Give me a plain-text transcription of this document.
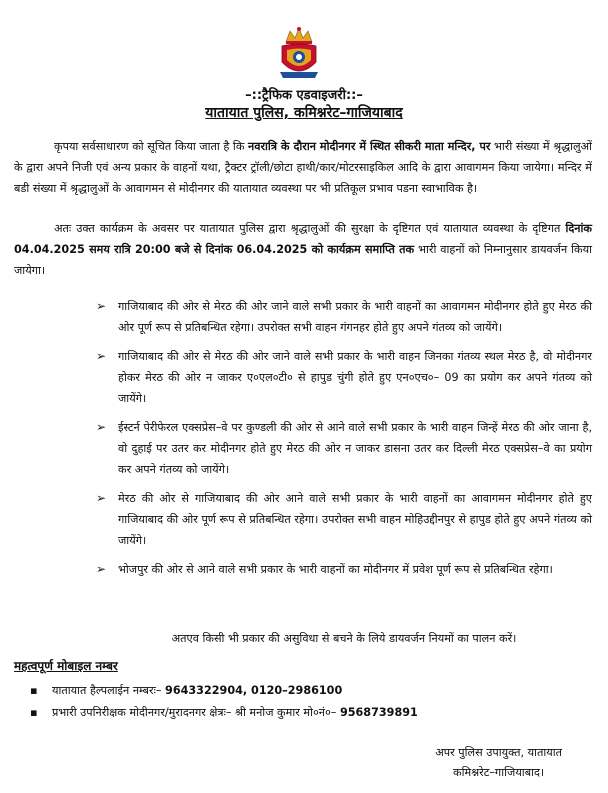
–::ट्रैफिक एडवाइजरी::–
यातायात पुलिस, कमिश्नरेट–गाजियाबाद
कृपया सर्वसाधारण को सूचित किया जाता है कि नवरात्रि के दौरान मोदीनगर में स्थित सीकरी माता मन्दिर, पर भारी संख्या में श्रृद्धालुओं के द्वारा अपने निजी एवं अन्य प्रकार के वाहनों यथा, ट्रैक्टर ट्रॉली/छोटा हाथी/कार/मोटरसाइकिल आदि के द्वारा आवागमन किया जायेगा। मन्दिर में बडी संख्या में श्रृद्धालुओं के आवागमन से मोदीनगर की यातायात व्यवस्था पर भी प्रतिकूल प्रभाव पडना स्वाभाविक है।
अतः उक्त कार्यक्रम के अवसर पर यातायात पुलिस द्वारा श्रृद्धालुओं की सुरक्षा के दृष्टिगत एवं यातायात व्यवस्था के दृष्टिगत दिनांक 04.04.2025 समय रात्रि 20:00 बजे से दिनांक 06.04.2025 को कार्यक्रम समाप्ति तक भारी वाहनों को निम्नानुसार डायवर्जन किया जायेगा।
➢ गाजियाबाद की ओर से मेरठ की ओर जाने वाले सभी प्रकार के भारी वाहनों का आवागमन मोदीनगर होते हुए मेरठ की ओर पूर्ण रूप से प्रतिबन्धित रहेगा। उपरोक्त सभी वाहन गंगनहर होते हुए अपने गंतव्य को जायेंगे।
➢ गाजियाबाद की ओर से मेरठ की ओर जाने वाले सभी प्रकार के भारी वाहन जिनका गंतव्य स्थल मेरठ है, वो मोदीनगर होकर मेरठ की ओर न जाकर ए०एल०टी० से हापुड चुंगी होते हुए एन०एच०– 09 का प्रयोग कर अपने गंतव्य को जायेंगे।
➢ ईस्टर्न पेरीफेरल एक्सप्रेस–वे पर कुण्डली की ओर से आने वाले सभी प्रकार के भारी वाहन जिन्हें मेरठ की ओर जाना है, वो दुहाई पर उतर कर मोदीनगर होते हुए मेरठ की ओर न जाकर डासना उतर कर दिल्ली मेरठ एक्सप्रेस–वे का प्रयोग कर अपने गंतव्य को जायेंगे।
➢ मेरठ की ओर से गाजियाबाद की ओर आने वाले सभी प्रकार के भारी वाहनों का आवागमन मोदीनगर होते हुए गाजियाबाद की ओर पूर्ण रूप से प्रतिबन्धित रहेगा। उपरोक्त सभी वाहन मोहिउद्दीनपुर से हापुड होते हुए अपने गंतव्य को जायेंगे।
➢ भोजपुर की ओर से आने वाले सभी प्रकार के भारी वाहनों का मोदीनगर में प्रवेश पूर्ण रूप से प्रतिबन्धित रहेगा।
अतएव किसी भी प्रकार की असुविधा से बचने के लिये डायवर्जन नियमों का पालन करें।
महत्वपूर्ण मोबाइल नम्बर
▪ यातायात हैल्पलाईन नम्बरः– 9643322904, 0120–2986100
▪ प्रभारी उपनिरीक्षक मोदीनगर/मुरादनगर क्षेत्रः– श्री मनोज कुमार मो०नं०– 9568739891
अपर पुलिस उपायुक्त, यातायात
कमिश्नरेट–गाजियाबाद।
